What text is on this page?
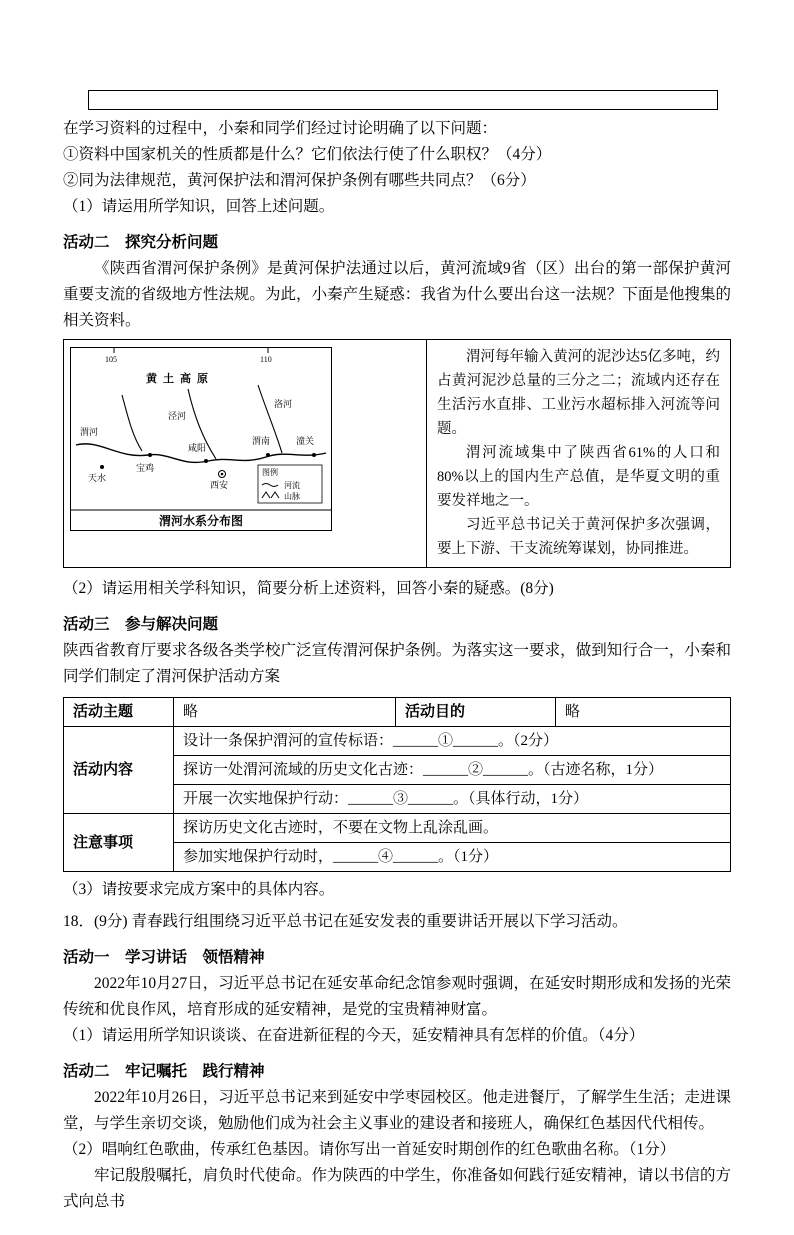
在学习资料的过程中，小秦和同学们经过讨论明确了以下问题：

①资料中国家机关的性质都是什么？它们依法行使了什么职权？（4分）

②同为法律规范，黄河保护法和渭河保护条例有哪些共同点？（6分）

（1）请运用所学知识，回答上述问题。

活动二　探究分析问题

《陕西省渭河保护条例》是黄河保护法通过以后，黄河流域9省（区）出台的第一部保护黄河重要支流的省级地方性法规。为此，小秦产生疑惑：我省为什么要出台这一法规？下面是他搜集的相关资料。

105	110
黄土高原
渭河
泾河
洛河
天水
宝鸡
咸阳
西安
渭南	潼关
图例
河流
山脉
渭河水系分布图

渭河每年输入黄河的泥沙达5亿多吨，约占黄河泥沙总量的三分之二；流域内还存在生活污水直排、工业污水超标排入河流等问题。

渭河流域集中了陕西省61%的人口和80%以上的国内生产总值，是华夏文明的重要发祥地之一。

习近平总书记关于黄河保护多次强调，要上下游、干支流统筹谋划，协同推进。

（2）请运用相关学科知识，简要分析上述资料，回答小秦的疑惑。(8分)

活动三　参与解决问题

陕西省教育厅要求各级各类学校广泛宣传渭河保护条例。为落实这一要求，做到知行合一，小秦和同学们制定了渭河保护活动方案

活动主题	略	活动目的	略
活动内容	设计一条保护渭河的宣传标语：______①______。（2分）		
	探访一处渭河流域的历史文化古迹：______②______。（古迹名称，1分）		
	开展一次实地保护行动：______③______。（具体行动，1分）		
注意事项	探访历史文化古迹时，不要在文物上乱涂乱画。		
	参加实地保护行动时，______④______。（1分）		

（3）请按要求完成方案中的具体内容。

18．(9分) 青春践行组围绕习近平总书记在延安发表的重要讲话开展以下学习活动。

活动一　学习讲话　领悟精神

2022年10月27日，习近平总书记在延安革命纪念馆参观时强调，在延安时期形成和发扬的光荣传统和优良作风，培育形成的延安精神，是党的宝贵精神财富。

（1）请运用所学知识谈谈、在奋进新征程的今天，延安精神具有怎样的价值。（4分）

活动二　牢记嘱托　践行精神

2022年10月26日，习近平总书记来到延安中学枣园校区。他走进餐厅，了解学生生活；走进课堂，与学生亲切交谈，勉励他们成为社会主义事业的建设者和接班人，确保红色基因代代相传。

（2）唱响红色歌曲，传承红色基因。请你写出一首延安时期创作的红色歌曲名称。（1分）

牢记殷殷嘱托，肩负时代使命。作为陕西的中学生，你准备如何践行延安精神，请以书信的方式向总书
